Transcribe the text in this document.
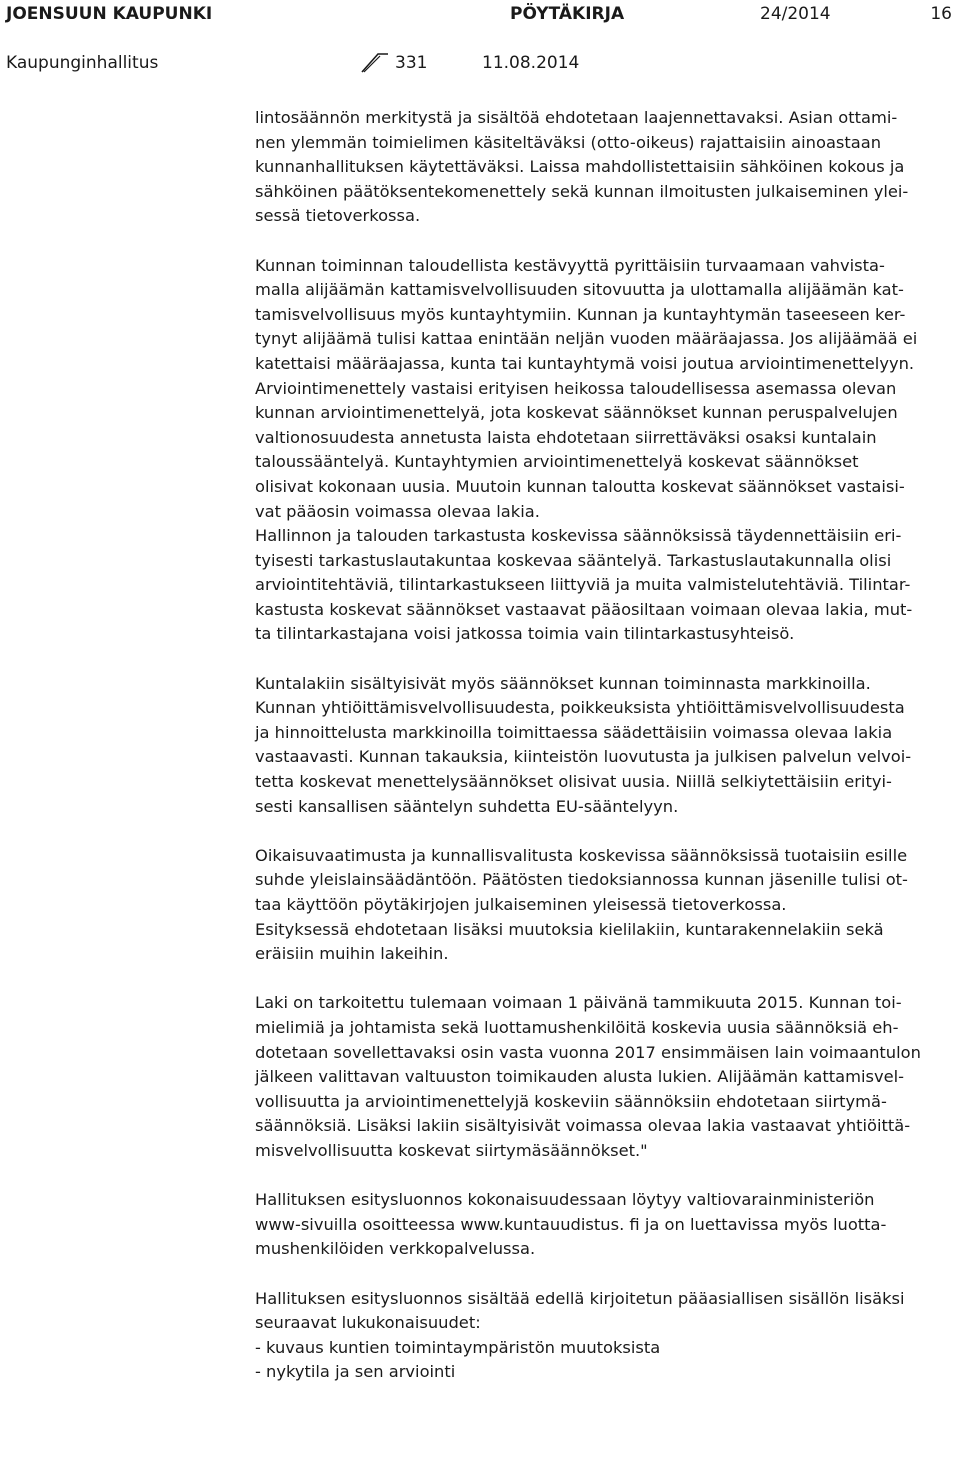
JOENSUUN KAUPUNKI	PÖYTÄKIRJA	24/2014	16
Kaupunginhallitus	331	11.08.2014

lintosäännön merkitystä ja sisältöä ehdotetaan laajennettavaksi. Asian ottami-
nen ylemmän toimielimen käsiteltäväksi (otto-oikeus) rajattaisiin ainoastaan
kunnanhallituksen käytettäväksi. Laissa mahdollistettaisiin sähköinen kokous ja
sähköinen päätöksentekomenettely sekä kunnan ilmoitusten julkaiseminen ylei-
sessä tietoverkossa.

Kunnan toiminnan taloudellista kestävyyttä pyrittäisiin turvaamaan vahvista-
malla alijäämän kattamisvelvollisuuden sitovuutta ja ulottamalla alijäämän kat-
tamisvelvollisuus myös kuntayhtymiin. Kunnan ja kuntayhtymän taseeseen ker-
tynyt alijäämä tulisi kattaa enintään neljän vuoden määräajassa. Jos alijäämää ei
katettaisi määräajassa, kunta tai kuntayhtymä voisi joutua arviointimenettelyyn.
Arviointimenettely vastaisi erityisen heikossa taloudellisessa asemassa olevan
kunnan arviointimenettelyä, jota koskevat säännökset kunnan peruspalvelujen
valtionosuudesta annetusta laista ehdotetaan siirrettäväksi osaksi kuntalain
taloussääntelyä. Kuntayhtymien arviointimenettelyä koskevat säännökset
olisivat kokonaan uusia. Muutoin kunnan taloutta koskevat säännökset vastaisi-
vat pääosin voimassa olevaa lakia.
Hallinnon ja talouden tarkastusta koskevissa säännöksissä täydennettäisiin eri-
tyisesti tarkastuslautakuntaa koskevaa sääntelyä. Tarkastuslautakunnalla olisi
arviointitehtäviä, tilintarkastukseen liittyviä ja muita valmistelutehtäviä. Tilintar-
kastusta koskevat säännökset vastaavat pääosiltaan voimaan olevaa lakia, mut-
ta tilintarkastajana voisi jatkossa toimia vain tilintarkastusyhteisö.

Kuntalakiin sisältyisivät myös säännökset kunnan toiminnasta markkinoilla.
Kunnan yhtiöittämisvelvollisuudesta, poikkeuksista yhtiöittämisvelvollisuudesta
ja hinnoittelusta markkinoilla toimittaessa säädettäisiin voimassa olevaa lakia
vastaavasti. Kunnan takauksia, kiinteistön luovutusta ja julkisen palvelun velvoi-
tetta koskevat menettelysäännökset olisivat uusia. Niillä selkiytettäisiin erityi-
sesti kansallisen sääntelyn suhdetta EU-sääntelyyn.

Oikaisuvaatimusta ja kunnallisvalitusta koskevissa säännöksissä tuotaisiin esille
suhde yleislainsäädäntöön. Päätösten tiedoksiannossa kunnan jäsenille tulisi ot-
taa käyttöön pöytäkirjojen julkaiseminen yleisessä tietoverkossa.
Esityksessä ehdotetaan lisäksi muutoksia kielilakiin, kuntarakennelakiin sekä
eräisiin muihin lakeihin.

Laki on tarkoitettu tulemaan voimaan 1 päivänä tammikuuta 2015. Kunnan toi-
mielimiä ja johtamista sekä luottamushenkilöitä koskevia uusia säännöksiä eh-
dotetaan sovellettavaksi osin vasta vuonna 2017 ensimmäisen lain voimaantulon
jälkeen valittavan valtuuston toimikauden alusta lukien. Alijäämän kattamisvel-
vollisuutta ja arviointimenettelyjä koskeviin säännöksiin ehdotetaan siirtymä-
säännöksiä. Lisäksi lakiin sisältyisivät voimassa olevaa lakia vastaavat yhtiöittä-
misvelvollisuutta koskevat siirtymäsäännökset."

Hallituksen esitysluonnos kokonaisuudessaan löytyy valtiovarainministeriön
www-sivuilla osoitteessa www.kuntauudistus. fi ja on luettavissa myös luotta-
mushenkilöiden verkkopalvelussa.

Hallituksen esitysluonnos sisältää edellä kirjoitetun pääasiallisen sisällön lisäksi
seuraavat lukukonaisuudet:
- kuvaus kuntien toimintaympäristön muutoksista
- nykytila ja sen arviointi
